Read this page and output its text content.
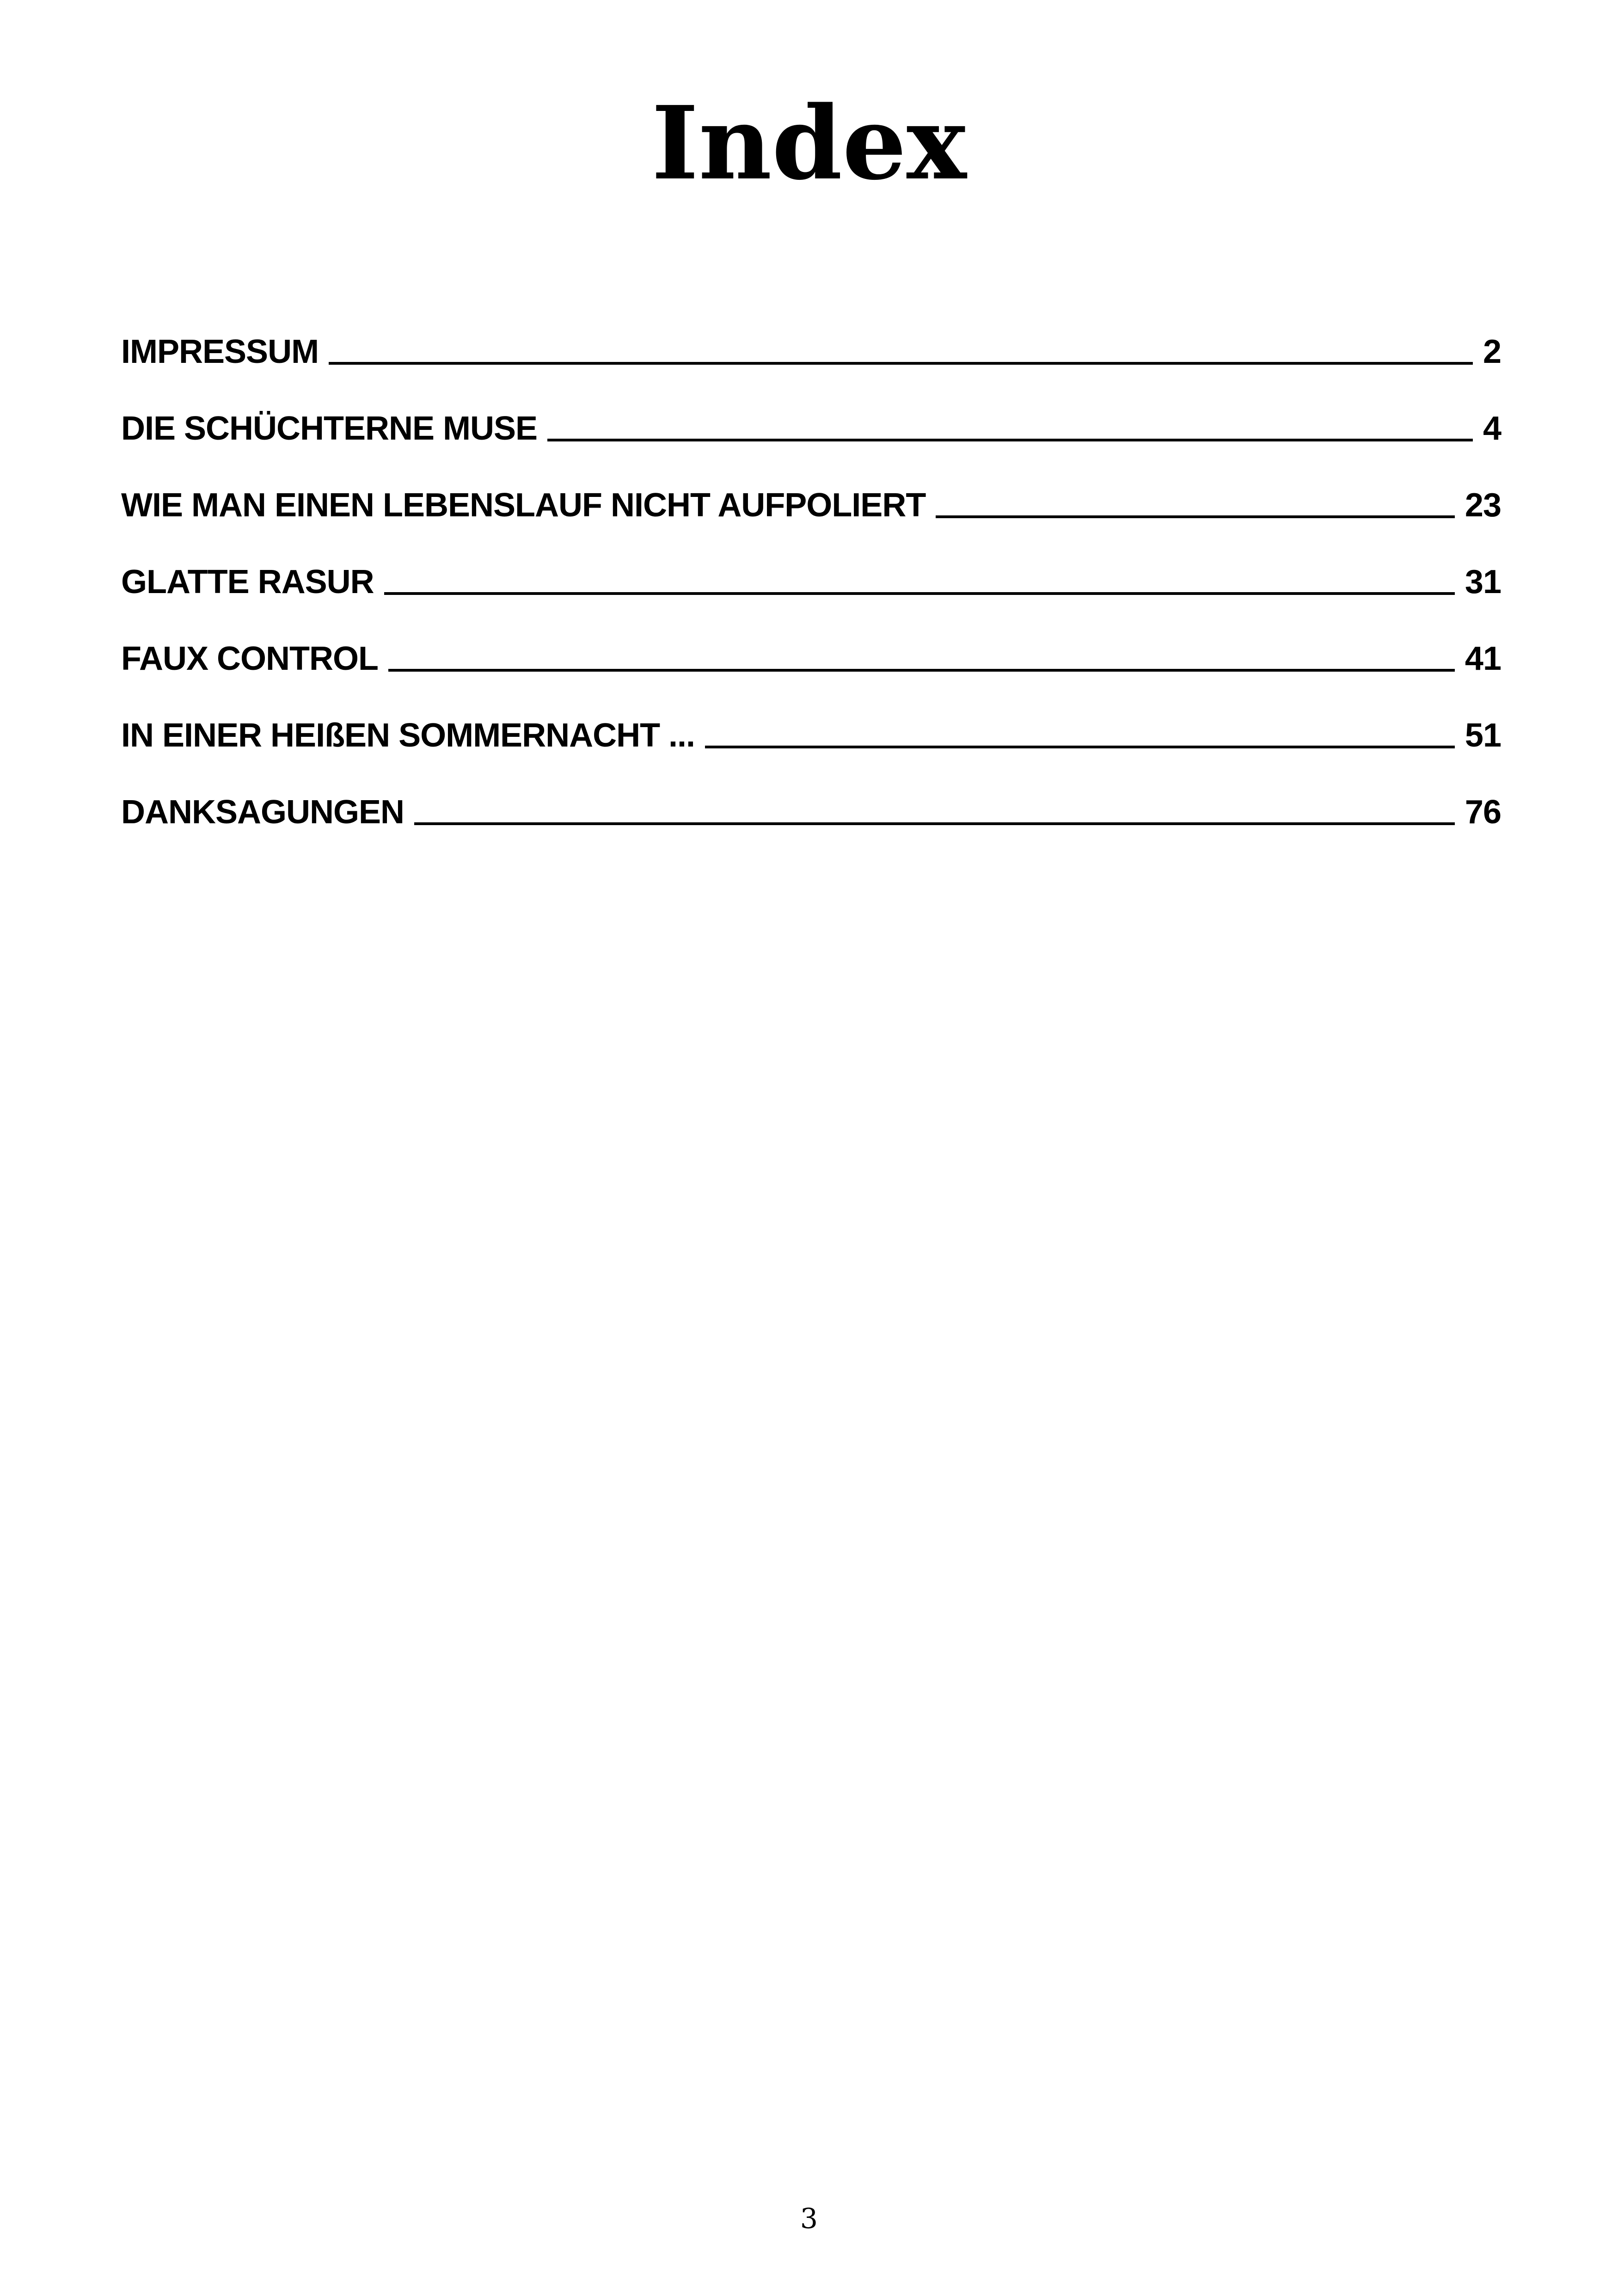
Index
IMPRESSUM	2
DIE SCHÜCHTERNE MUSE	4
WIE MAN EINEN LEBENSLAUF NICHT AUFPOLIERT	23
GLATTE RASUR	31
FAUX CONTROL	41
IN EINER HEIßEN SOMMERNACHT ...	51
DANKSAGUNGEN	76
3
